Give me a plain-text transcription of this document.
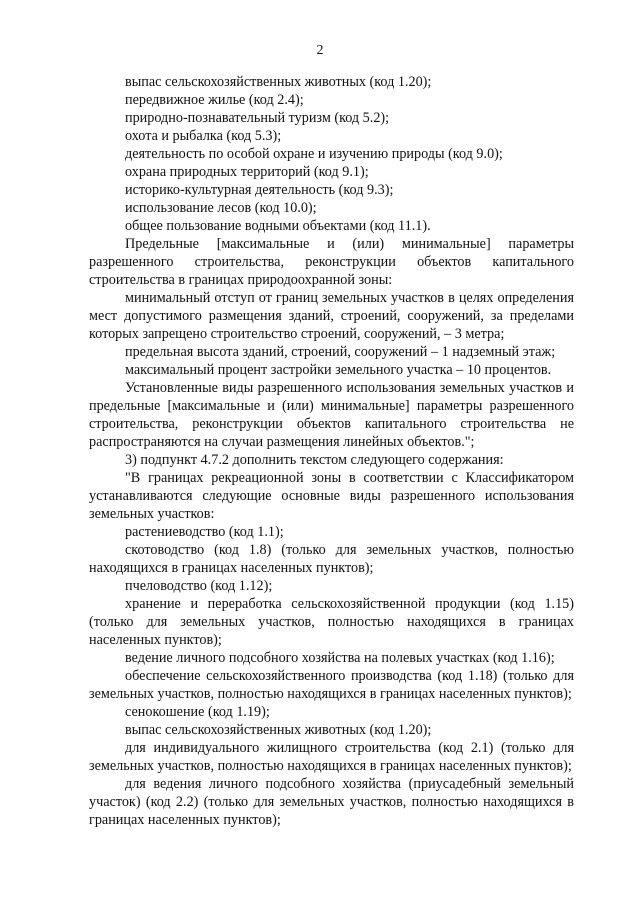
2

выпас сельскохозяйственных животных (код 1.20);

передвижное жилье (код 2.4);

природно-познавательный туризм (код 5.2);

охота и рыбалка (код 5.3);

деятельность по особой охране и изучению природы (код 9.0);

охрана природных территорий (код 9.1);

историко-культурная деятельность (код 9.3);

использование лесов (код 10.0);

общее пользование водными объектами (код 11.1).

Предельные [максимальные и (или) минимальные] параметры разрешенного строительства, реконструкции объектов капитального строительства в границах природоохранной зоны:

минимальный отступ от границ земельных участков в целях определения мест допустимого размещения зданий, строений, сооружений, за пределами которых запрещено строительство строений, сооружений, – 3 метра;

предельная высота зданий, строений, сооружений – 1 надземный этаж;

максимальный процент застройки земельного участка – 10 процентов.

Установленные виды разрешенного использования земельных участков и предельные [максимальные и (или) минимальные] параметры разрешенного строительства, реконструкции объектов капитального строительства не распространяются на случаи размещения линейных объектов.";

3) подпункт 4.7.2 дополнить текстом следующего содержания:

"В границах рекреационной зоны в соответствии с Классификатором устанавливаются следующие основные виды разрешенного использования земельных участков:

растениеводство (код 1.1);

скотоводство (код 1.8) (только для земельных участков, полностью находящихся в границах населенных пунктов);

пчеловодство (код 1.12);

хранение и переработка сельскохозяйственной продукции (код 1.15) (только для земельных участков, полностью находящихся в границах населенных пунктов);

ведение личного подсобного хозяйства на полевых участках (код 1.16);

обеспечение сельскохозяйственного производства (код 1.18) (только для земельных участков, полностью находящихся в границах населенных пунктов);

сенокошение (код 1.19);

выпас сельскохозяйственных животных (код 1.20);

для индивидуального жилищного строительства (код 2.1) (только для земельных участков, полностью находящихся в границах населенных пунктов);

для ведения личного подсобного хозяйства (приусадебный земельный участок) (код 2.2) (только для земельных участков, полностью находящихся в границах населенных пунктов);
